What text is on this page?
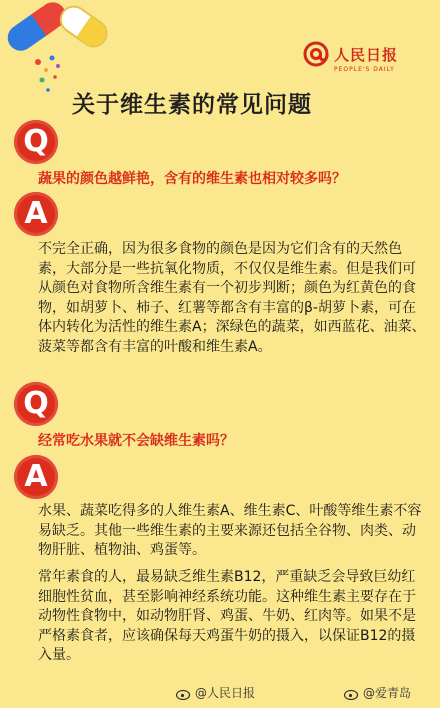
人民日报
PEOPLE'S DAILY
关于维生素的常见问题
Q
蔬果的颜色越鲜艳，含有的维生素也相对较多吗？
A

不完全正确，因为很多食物的颜色是因为它们含有的天然色素，大部分是一些抗氧化物质，不仅仅是维生素。但是我们可从颜色对食物所含维生素有一个初步判断；颜色为红黄色的食物，如胡萝卜、柿子、红薯等都含有丰富的β-胡萝卜素，可在体内转化为活性的维生素A；深绿色的蔬菜，如西蓝花、油菜、菠菜等都含有丰富的叶酸和维生素A。

Q
经常吃水果就不会缺维生素吗？
A

水果、蔬菜吃得多的人维生素A、维生素C、叶酸等维生素不容易缺乏。其他一些维生素的主要来源还包括全谷物、肉类、动物肝脏、植物油、鸡蛋等。

常年素食的人，最易缺乏维生素B12，严重缺乏会导致巨幼红细胞性贫血，甚至影响神经系统功能。这种维生素主要存在于动物性食物中，如动物肝肾、鸡蛋、牛奶、红肉等。如果不是严格素食者，应该确保每天鸡蛋牛奶的摄入，以保证B12的摄入量。

@人民日报	@爱青岛
